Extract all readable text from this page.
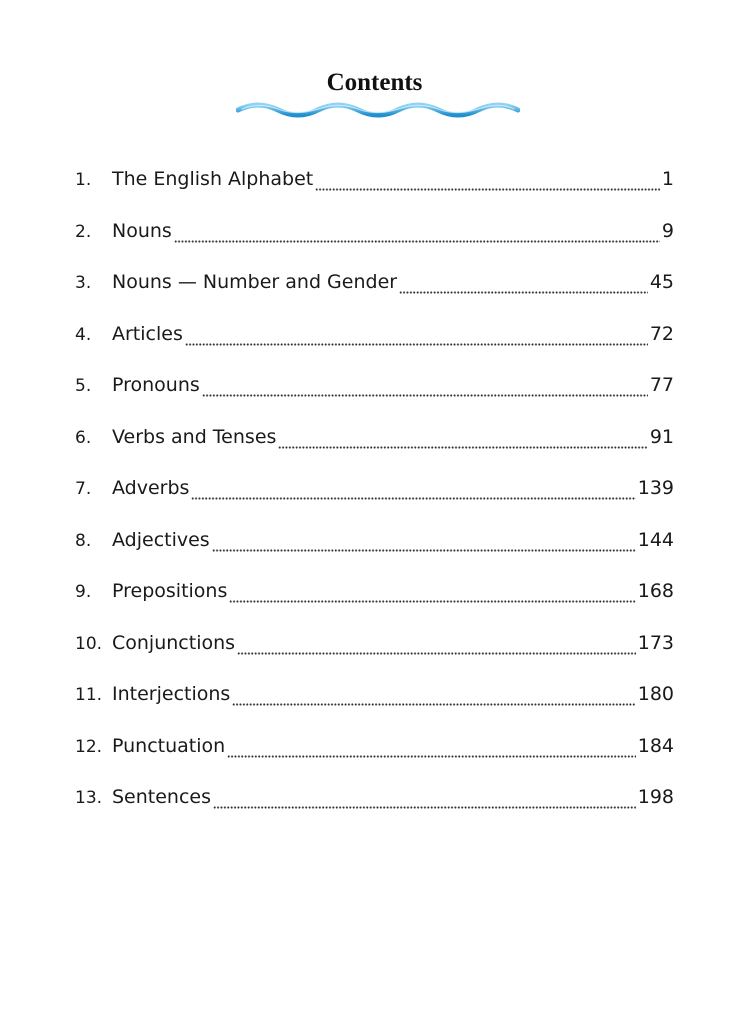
Contents
1.	The English Alphabet	1
2.	Nouns	9
3.	Nouns — Number and Gender	45
4.	Articles	72
5.	Pronouns	77
6.	Verbs and Tenses	91
7.	Adverbs	139
8.	Adjectives	144
9.	Prepositions	168
10. Conjunctions	173
11. Interjections	180
12. Punctuation	184
13. Sentences	198
